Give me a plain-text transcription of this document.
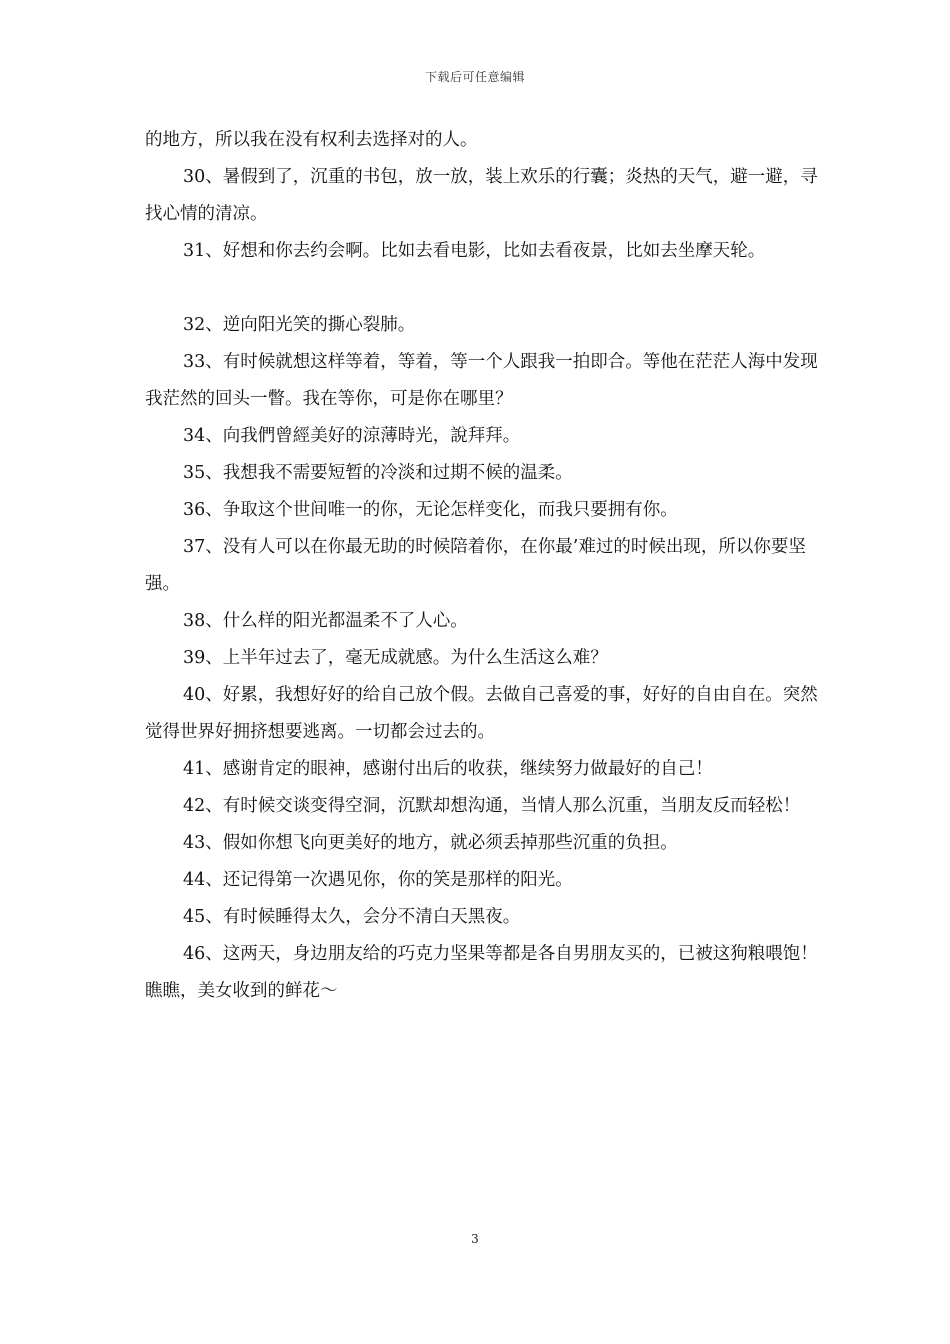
下载后可任意编辑

的地方，所以我在没有权利去选择对的人。

30、暑假到了，沉重的书包，放一放，装上欢乐的行囊；炎热的天气，避一避，寻找心情的清凉。

31、好想和你去约会啊。比如去看电影，比如去看夜景，比如去坐摩天轮。

32、逆向阳光笑的撕心裂肺。

33、有时候就想这样等着，等着，等一个人跟我一拍即合。等他在茫茫人海中发现我茫然的回头一瞥。我在等你，可是你在哪里？

34、向我們曾經美好的涼薄時光，說拜拜。

35、我想我不需要短暂的冷淡和过期不候的温柔。

36、争取这个世间唯一的你，无论怎样变化，而我只要拥有你。

37、没有人可以在你最无助的时候陪着你，在你最’难过的时候出现，所以你要坚强。

38、什么样的阳光都温柔不了人心。

39、上半年过去了，毫无成就感。为什么生活这么难？

40、好累，我想好好的给自己放个假。去做自己喜爱的事，好好的自由自在。突然觉得世界好拥挤想要逃离。一切都会过去的。

41、感谢肯定的眼神，感谢付出后的收获，继续努力做最好的自己！

42、有时候交谈变得空洞，沉默却想沟通，当情人那么沉重，当朋友反而轻松！

43、假如你想飞向更美好的地方，就必须丢掉那些沉重的负担。

44、还记得第一次遇见你，你的笑是那样的阳光。

45、有时候睡得太久，会分不清白天黑夜。

46、这两天，身边朋友给的巧克力坚果等都是各自男朋友买的，已被这狗粮喂饱！瞧瞧，美女收到的鲜花～

3
